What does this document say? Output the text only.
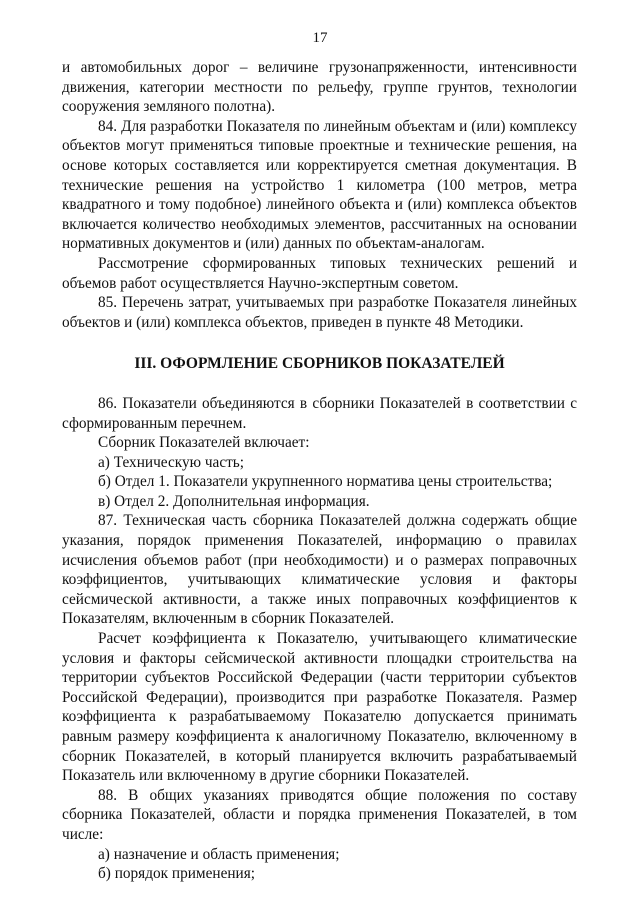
17

и автомобильных дорог – величине грузонапряженности, интенсивности движения, категории местности по рельефу, группе грунтов, технологии сооружения земляного полотна).

84. Для разработки Показателя по линейным объектам и (или) комплексу объектов могут применяться типовые проектные и технические решения, на основе которых составляется или корректируется сметная документация. В технические решения на устройство 1 километра (100 метров, метра квадратного и тому подобное) линейного объекта и (или) комплекса объектов включается количество необходимых элементов, рассчитанных на основании нормативных документов и (или) данных по объектам-аналогам.

Рассмотрение сформированных типовых технических решений и объемов работ осуществляется Научно-экспертным советом.

85. Перечень затрат, учитываемых при разработке Показателя линейных объектов и (или) комплекса объектов, приведен в пункте 48 Методики.

III. ОФОРМЛЕНИЕ СБОРНИКОВ ПОКАЗАТЕЛЕЙ

86. Показатели объединяются в сборники Показателей в соответствии с сформированным перечнем.

Сборник Показателей включает:

а) Техническую часть;

б) Отдел 1. Показатели укрупненного норматива цены строительства;

в) Отдел 2. Дополнительная информация.

87. Техническая часть сборника Показателей должна содержать общие указания, порядок применения Показателей, информацию о правилах исчисления объемов работ (при необходимости) и о размерах поправочных коэффициентов, учитывающих климатические условия и факторы сейсмической активности, а также иных поправочных коэффициентов к Показателям, включенным в сборник Показателей.

Расчет коэффициента к Показателю, учитывающего климатические условия и факторы сейсмической активности площадки строительства на территории субъектов Российской Федерации (части территории субъектов Российской Федерации), производится при разработке Показателя. Размер коэффициента к разрабатываемому Показателю допускается принимать равным размеру коэффициента к аналогичному Показателю, включенному в сборник Показателей, в который планируется включить разрабатываемый Показатель или включенному в другие сборники Показателей.

88. В общих указаниях приводятся общие положения по составу сборника Показателей, области и порядка применения Показателей, в том числе:

а) назначение и область применения;

б) порядок применения;
